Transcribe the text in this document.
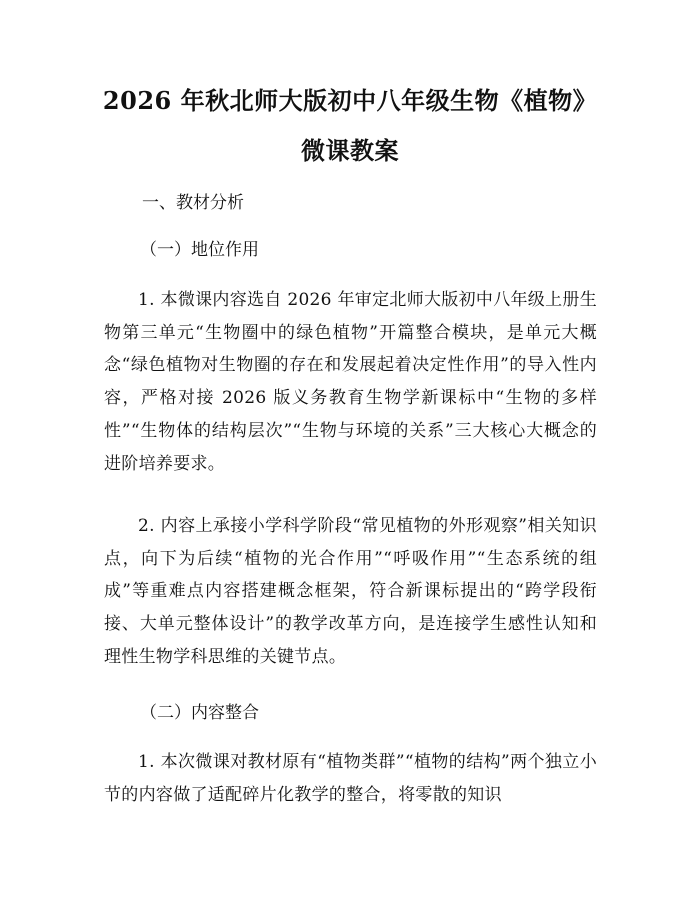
2026 年秋北师大版初中八年级生物《植物》
微课教案
一、教材分析
（一）地位作用
1. 本微课内容选自 2026 年审定北师大版初中八年级上册生物第三单元“生物圈中的绿色植物”开篇整合模块，是单元大概念“绿色植物对生物圈的存在和发展起着决定性作用”的导入性内容，严格对接 2026 版义务教育生物学新课标中“生物的多样性”“生物体的结构层次”“生物与环境的关系”三大核心大概念的进阶培养要求。
2. 内容上承接小学科学阶段“常见植物的外形观察”相关知识点，向下为后续“植物的光合作用”“呼吸作用”“生态系统的组成”等重难点内容搭建概念框架，符合新课标提出的“跨学段衔接、大单元整体设计”的教学改革方向，是连接学生感性认知和理性生物学科思维的关键节点。
（二）内容整合
1. 本次微课对教材原有“植物类群”“植物的结构”两个独立小节的内容做了适配碎片化教学的整合，将零散的知识
